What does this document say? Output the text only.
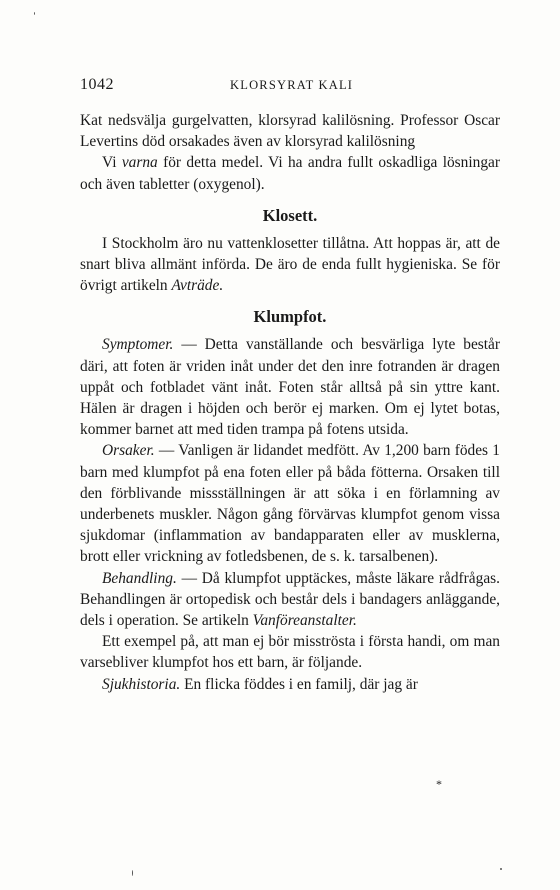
1042	KLORSYRAT KALI

Kat nedsvälja gurgelvatten, klorsyrad kalilösning. Professor Oscar Levertins död orsakades även av klorsyrad kalilösning

Vi varna för detta medel. Vi ha andra fullt oskadliga lösningar och även tabletter (oxygenol).

Klosett.

I Stockholm äro nu vattenklosetter tillåtna. Att hoppas är, att de snart bliva allmänt införda. De äro de enda fullt hygieniska. Se för övrigt artikeln Avträde.

Klumpfot.

Symptomer. — Detta vanställande och besvärliga lyte består däri, att foten är vriden inåt under det den inre fotranden är dragen uppåt och fotbladet vänt inåt. Foten står alltså på sin yttre kant. Hälen är dragen i höjden och berör ej marken. Om ej lytet botas, kommer barnet att med tiden trampa på fotens utsida.

Orsaker. — Vanligen är lidandet medfött. Av 1,200 barn födes 1 barn med klumpfot på ena foten eller på båda fötterna. Orsaken till den förblivande missställningen är att söka i en förlamning av underbenets muskler. Någon gång förvärvas klumpfot genom vissa sjukdomar (inflammation av bandapparaten eller av musklerna, brott eller vrickning av fotledsbenen, de s. k. tarsalbenen).

Behandling. — Då klumpfot upptäckes, måste läkare rådfrågas. Behandlingen är ortopedisk och består dels i bandagers anläggande, dels i operation. Se artikeln Vanföreanstalter.

Ett exempel på, att man ej bör misströsta i första handi, om man varsebliver klumpfot hos ett barn, är följande.

Sjukhistoria. En flicka föddes i en familj, där jag är

*
